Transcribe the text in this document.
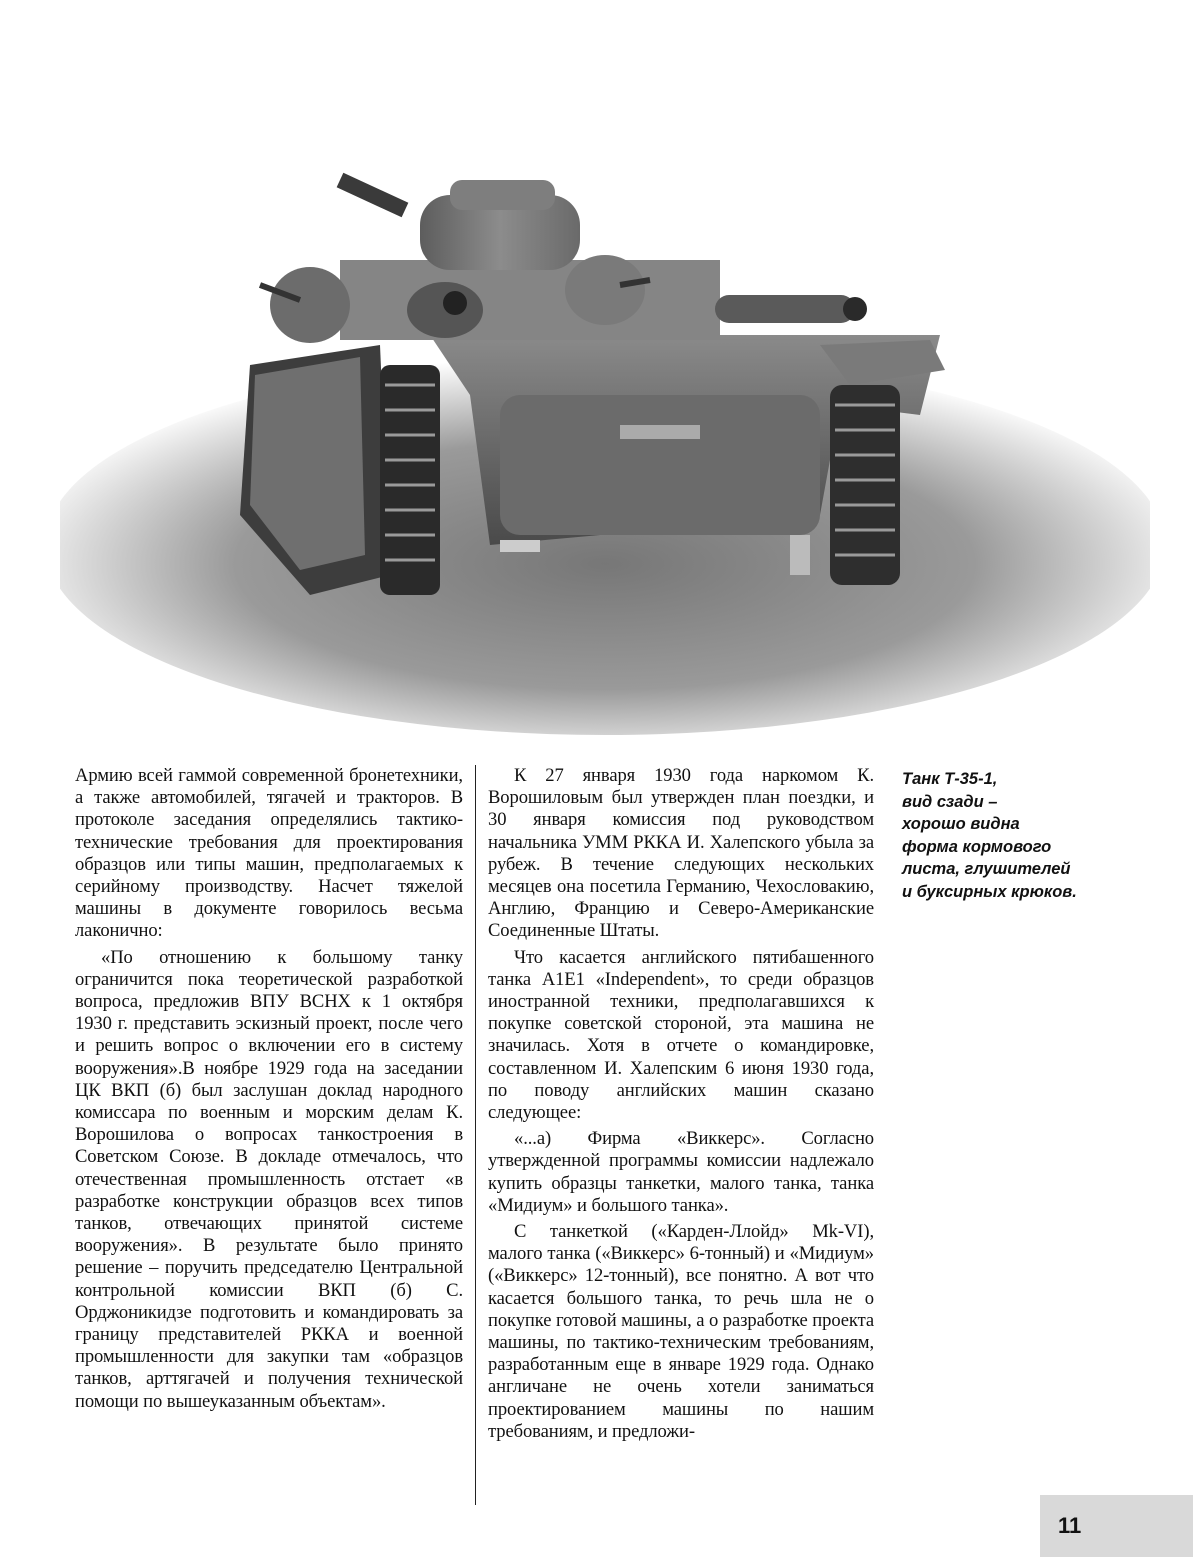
Армию всей гаммой современной бронетехники, а также автомобилей, тягачей и тракторов. В протоколе заседания определялись тактико-технические требования для проектирования образцов или типы машин, предполагаемых к серийному производству. Насчет тяжелой машины в документе говорилось весьма лаконично:

«По отношению к большому танку ограничится пока теоретической разработкой вопроса, предложив ВПУ ВСНХ к 1 октября 1930 г. представить эскизный проект, после чего и решить вопрос о включении его в систему вооружения».В ноябре 1929 года на заседании ЦК ВКП (б) был заслушан доклад народного комиссара по военным и морским делам К. Ворошилова о вопросах танкостроения в Советском Союзе. В докладе отмечалось, что отечественная промышленность отстает «в разработке конструкции образцов всех типов танков, отвечающих принятой системе вооружения». В результате было принято решение – поручить председателю Центральной контрольной комиссии ВКП (б) С. Орджоникидзе подготовить и командировать за границу представителей РККА и военной промышленности для закупки там «образцов танков, арттягачей и получения технической помощи по вышеуказанным объектам».

К 27 января 1930 года наркомом К. Ворошиловым был утвержден план поездки, и 30 января комиссия под руководством начальника УММ РККА И. Халепского убыла за рубеж. В течение следующих нескольких месяцев она посетила Германию, Чехословакию, Англию, Францию и Северо-Американские Соединенные Штаты.

Что касается английского пятибашенного танка А1Е1 «Independent», то среди образцов иностранной техники, предполагавшихся к покупке советской стороной, эта машина не значилась. Хотя в отчете о командировке, составленном И. Халепским 6 июня 1930 года, по поводу английских машин сказано следующее:

«...а) Фирма «Виккерс». Согласно утвержденной программы комиссии надлежало купить образцы танкетки, малого танка, танка «Мидиум» и большого танка».

С танкеткой («Карден-Ллойд» Mk-VI), малого танка («Виккерс» 6-тонный) и «Мидиум» («Виккерс» 12-тонный), все понятно. А вот что касается большого танка, то речь шла не о покупке готовой машины, а о разработке проекта машины, по тактико-техническим требованиям, разработанным еще в январе 1929 года. Однако англичане не очень хотели заниматься проектированием машины по нашим требованиям, и предложи-

Танк Т-35-1,
вид сзади –
хорошо видна
форма кормового
листа, глушителей
и буксирных крюков.
11
